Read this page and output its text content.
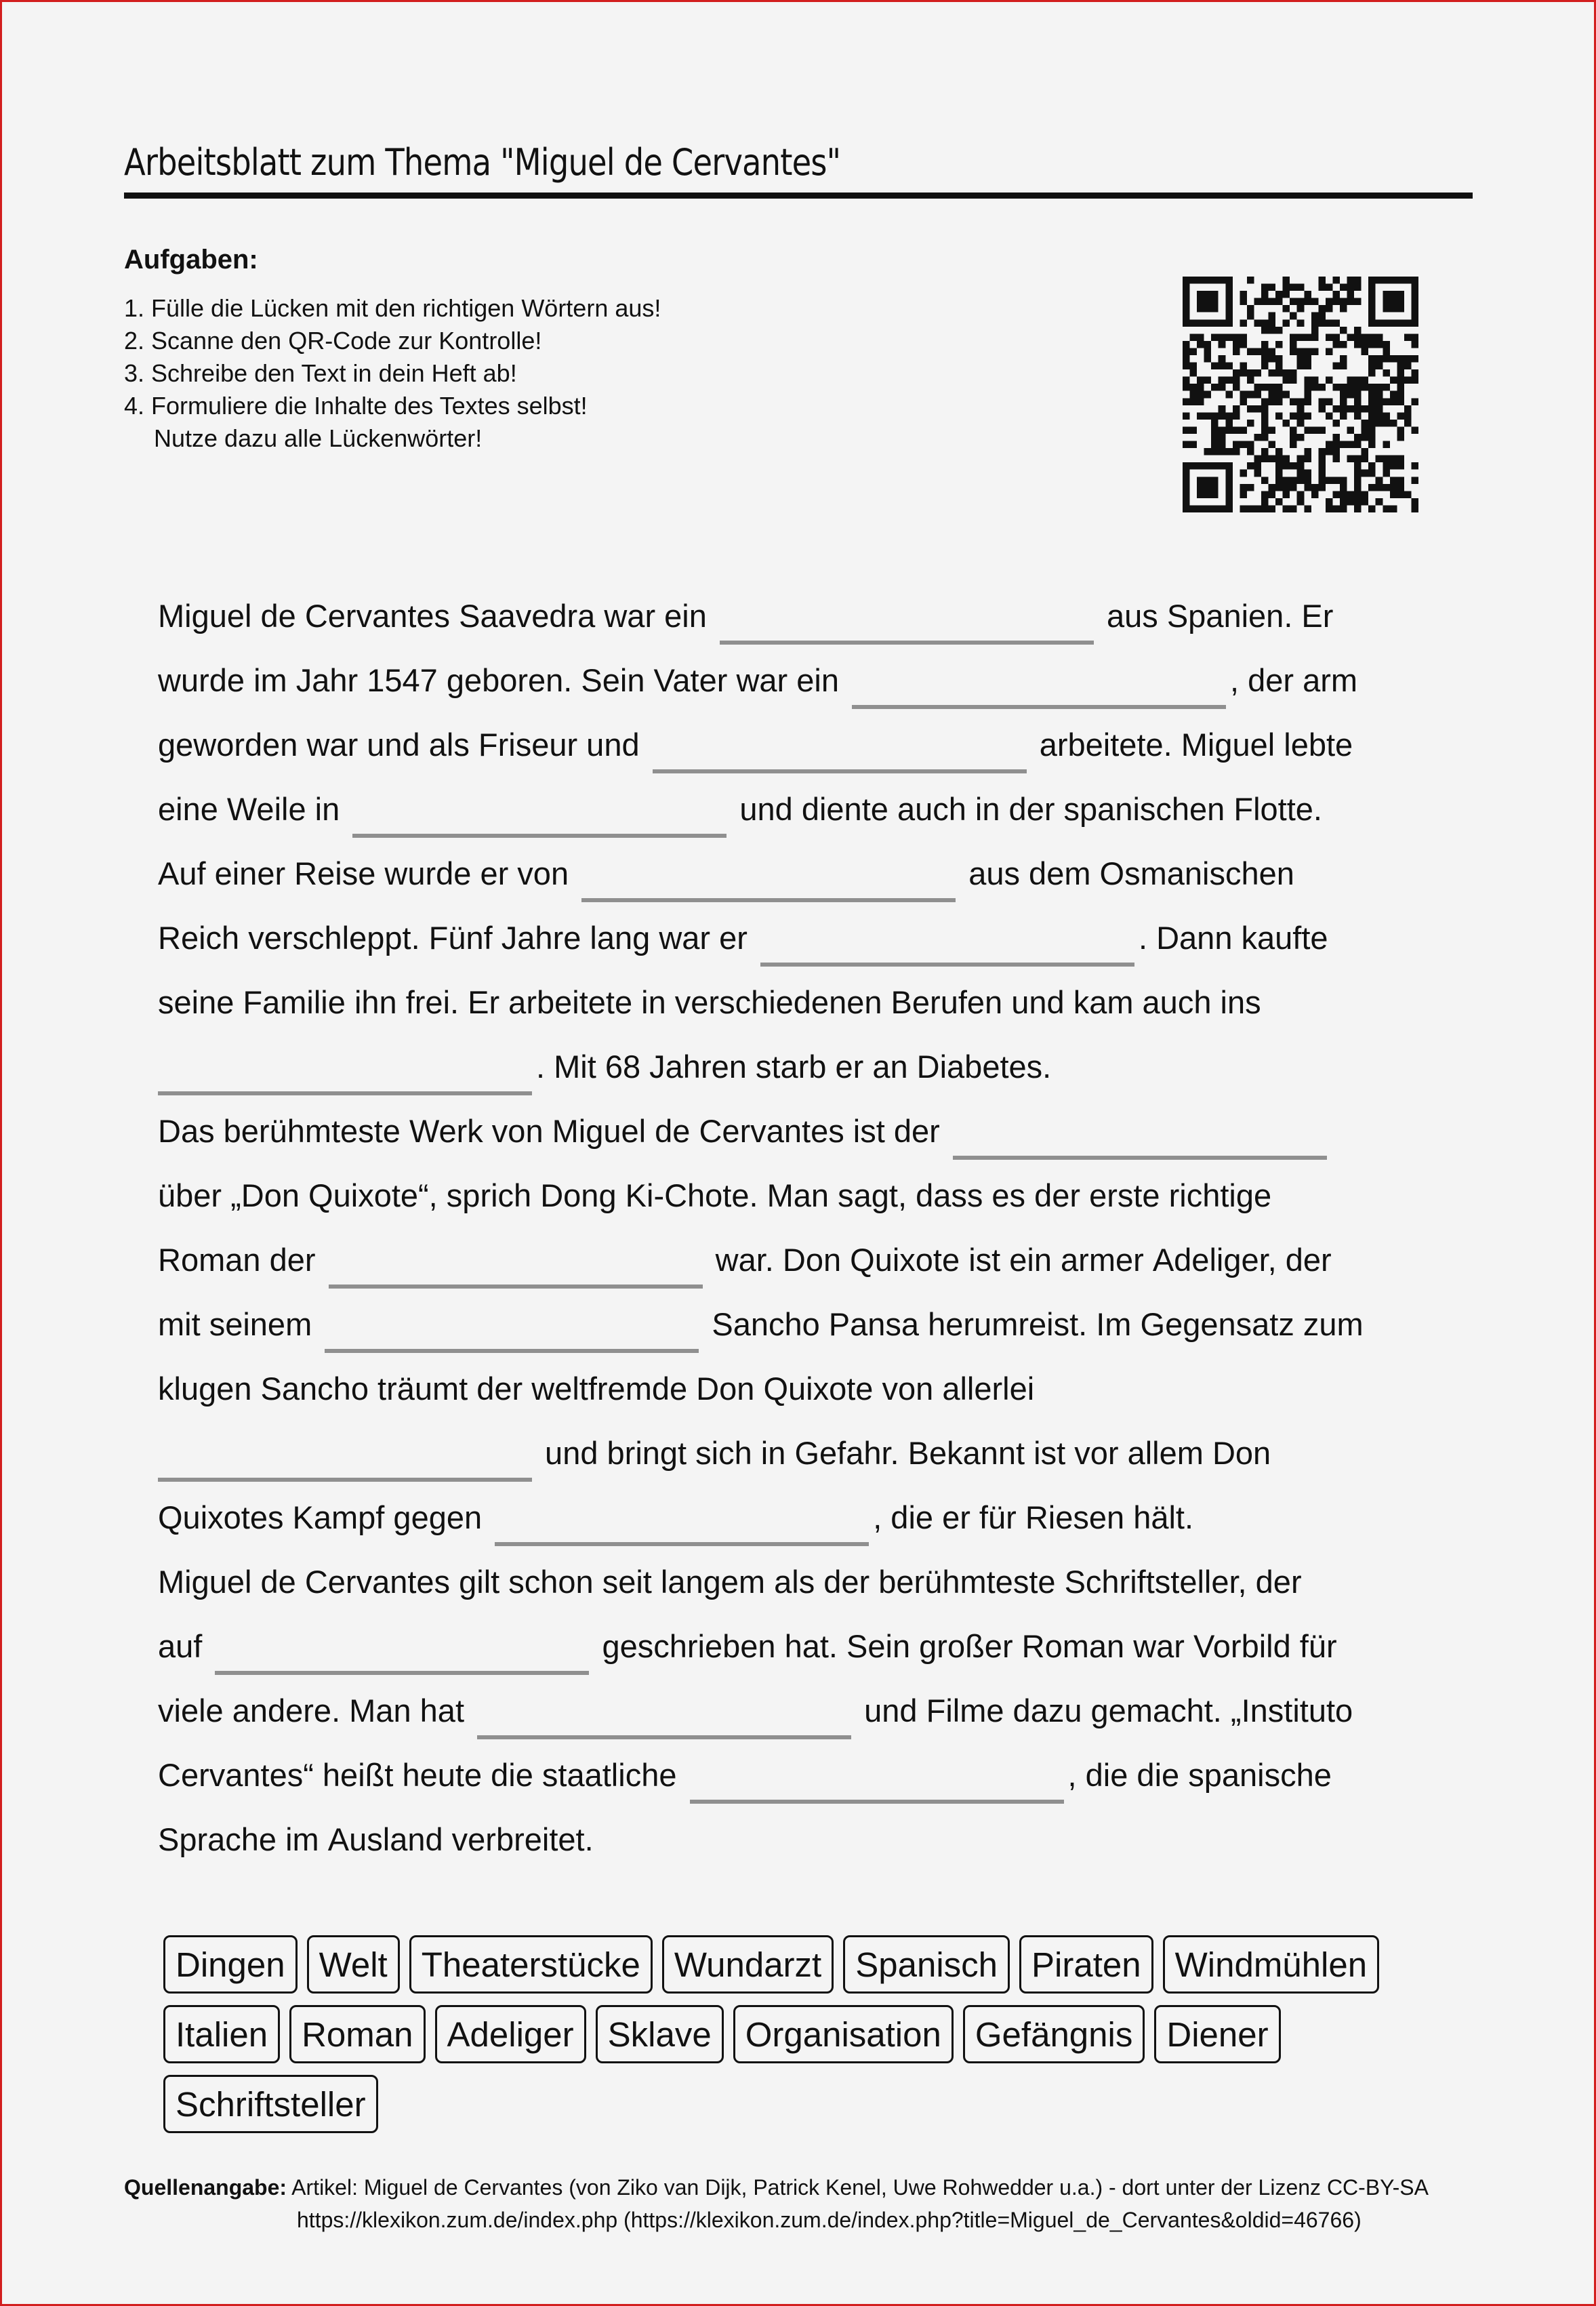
Arbeitsblatt zum Thema "Miguel de Cervantes"
Aufgaben:
1. Fülle die Lücken mit den richtigen Wörtern aus!
2. Scanne den QR-Code zur Kontrolle!
3. Schreibe den Text in dein Heft ab!
4. Formuliere die Inhalte des Textes selbst!
Nutze dazu alle Lückenwörter!
Miguel de Cervantes Saavedra war ein	aus Spanien. Er
wurde im Jahr 1547 geboren. Sein Vater war ein	, der arm
geworden war und als Friseur und	arbeitete. Miguel lebte
eine Weile in	und diente auch in der spanischen Flotte.
Auf einer Reise wurde er von	aus dem Osmanischen
Reich verschleppt. Fünf Jahre lang war er	. Dann kaufte
seine Familie ihn frei. Er arbeitete in verschiedenen Berufen und kam auch ins
. Mit 68 Jahren starb er an Diabetes.
Das berühmteste Werk von Miguel de Cervantes ist der
über „Don Quixote“, sprich Dong Ki-Chote. Man sagt, dass es der erste richtige
Roman der	war. Don Quixote ist ein armer Adeliger, der
mit seinem	Sancho Pansa herumreist. Im Gegensatz zum
klugen Sancho träumt der weltfremde Don Quixote von allerlei
und bringt sich in Gefahr. Bekannt ist vor allem Don
Quixotes Kampf gegen	, die er für Riesen hält.
Miguel de Cervantes gilt schon seit langem als der berühmteste Schriftsteller, der
auf	geschrieben hat. Sein großer Roman war Vorbild für
viele andere. Man hat	und Filme dazu gemacht. „Instituto
Cervantes“ heißt heute die staatliche	, die die spanische
Sprache im Ausland verbreitet.
Dingen Welt Theaterstücke Wundarzt Spanisch Piraten Windmühlen
Italien Roman Adeliger Sklave Organisation Gefängnis Diener
Schriftsteller
Quellenangabe: Artikel: Miguel de Cervantes (von Ziko van Dijk, Patrick Kenel, Uwe Rohwedder u.a.) - dort unter der Lizenz CC-BY-SA
https://klexikon.zum.de/index.php (https://klexikon.zum.de/index.php?title=Miguel_de_Cervantes&oldid=46766)
